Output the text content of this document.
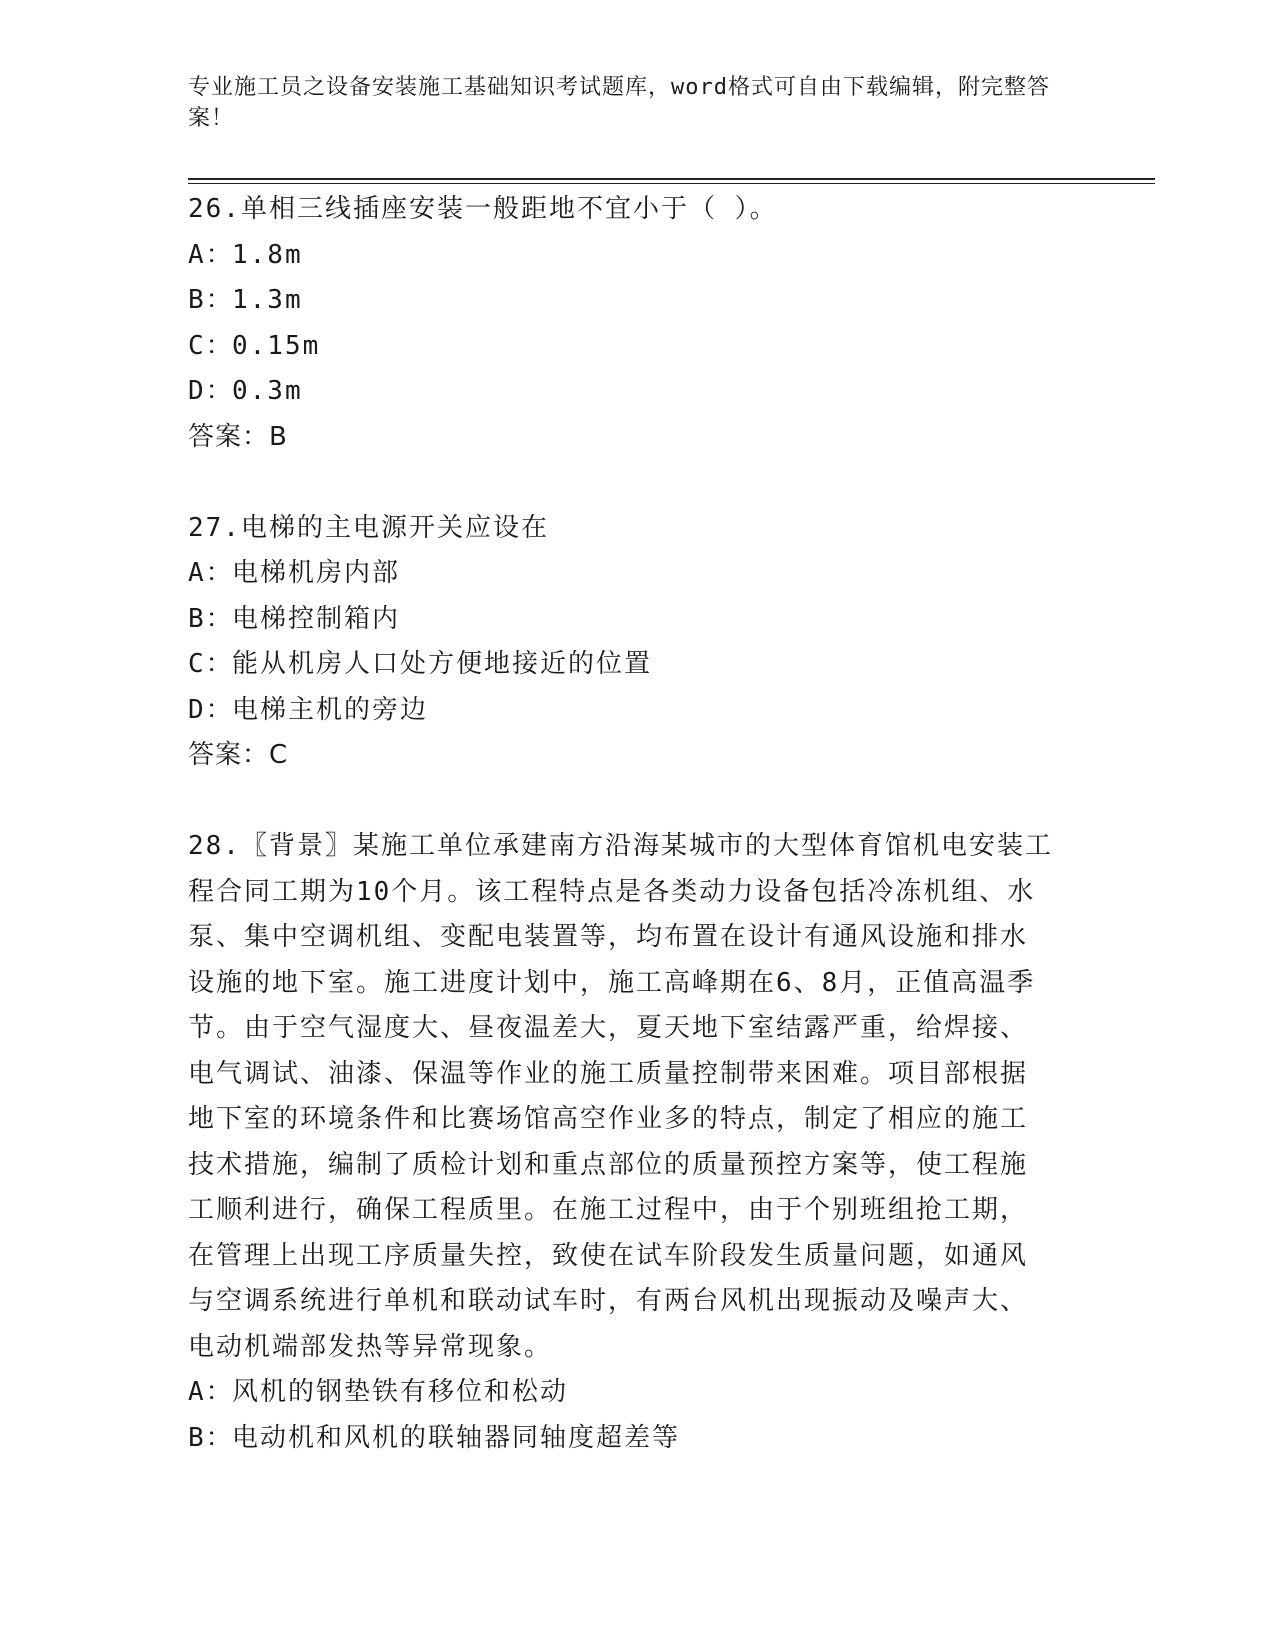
专业施工员之设备安装施工基础知识考试题库，word格式可自由下载编辑，附完整答案！
26.单相三线插座安装一般距地不宜小于（ ）。
A：1.8m
B：1.3m
C：0.15m
D：0.3m
答案：B
27.电梯的主电源开关应设在
A：电梯机房内部
B：电梯控制箱内
C：能从机房人口处方便地接近的位置
D：电梯主机的旁边
答案：C
28.〖背景〗某施工单位承建南方沿海某城市的大型体育馆机电安装工
程合同工期为10个月。该工程特点是各类动力设备包括冷冻机组、水
泵、集中空调机组、变配电装置等，均布置在设计有通风设施和排水
设施的地下室。施工进度计划中，施工高峰期在6、8月，正值高温季
节。由于空气湿度大、昼夜温差大，夏天地下室结露严重，给焊接、
电气调试、油漆、保温等作业的施工质量控制带来困难。项目部根据
地下室的环境条件和比赛场馆高空作业多的特点，制定了相应的施工
技术措施，编制了质检计划和重点部位的质量预控方案等，使工程施
工顺利进行，确保工程质里。在施工过程中，由于个别班组抢工期，
在管理上出现工序质量失控，致使在试车阶段发生质量问题，如通风
与空调系统进行单机和联动试车时，有两台风机出现振动及噪声大、
电动机端部发热等异常现象。
A：风机的钢垫铁有移位和松动
B：电动机和风机的联轴器同轴度超差等
